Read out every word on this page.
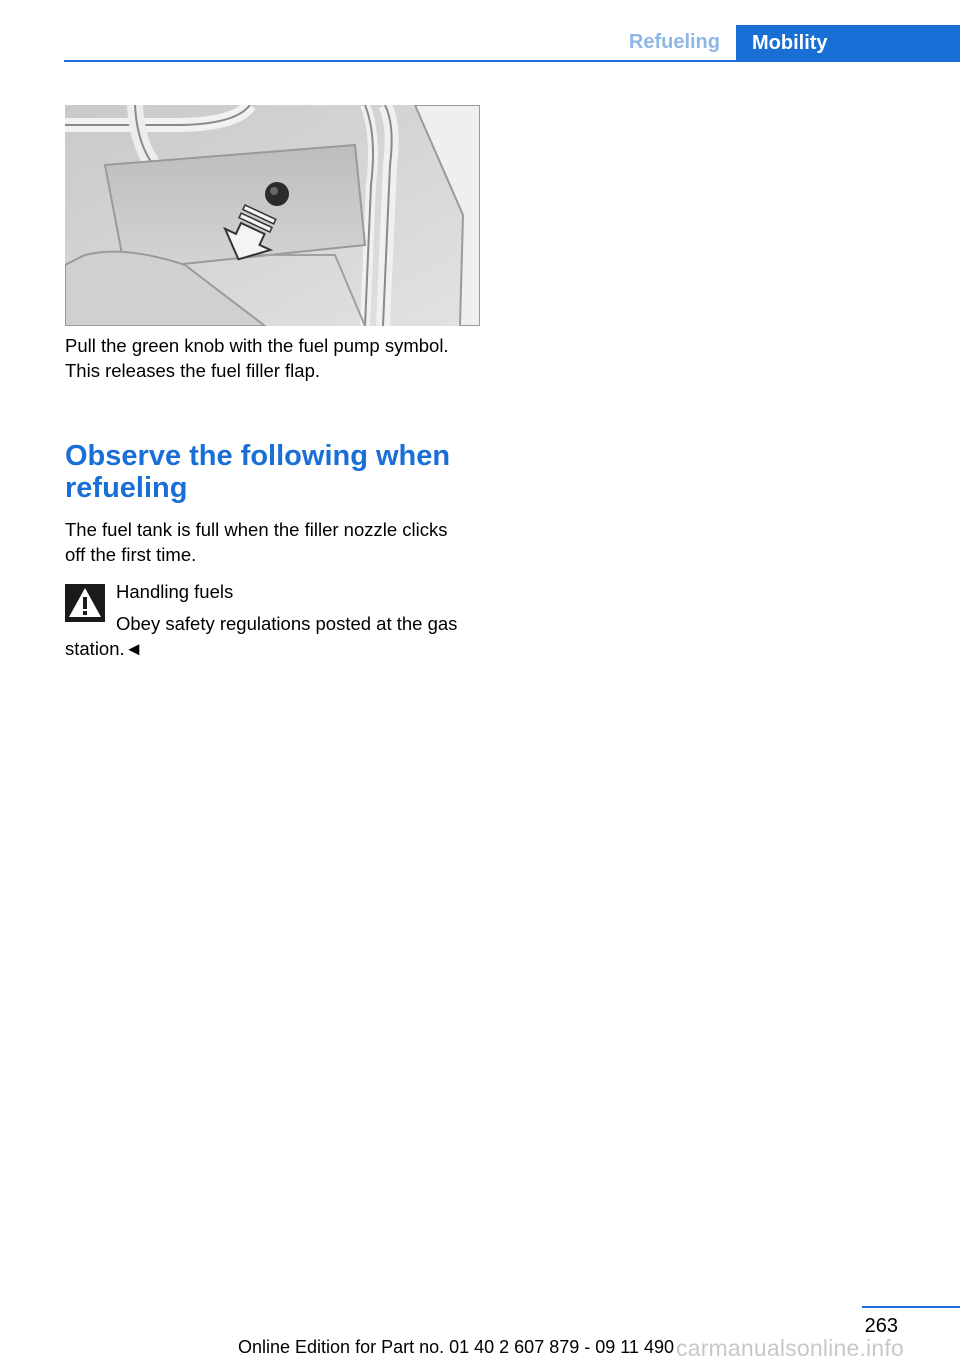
Refueling Mobility

Pull the green knob with the fuel pump symbol.
This releases the fuel filler flap.

Observe the following when
refueling

The fuel tank is full when the filler nozzle clicks
off the first time.

Handling fuels

Obey safety regulations posted at the gas
station.◄

263
Online Edition for Part no. 01 40 2 607 879 - 09 11 490 carmanualsonline.info
